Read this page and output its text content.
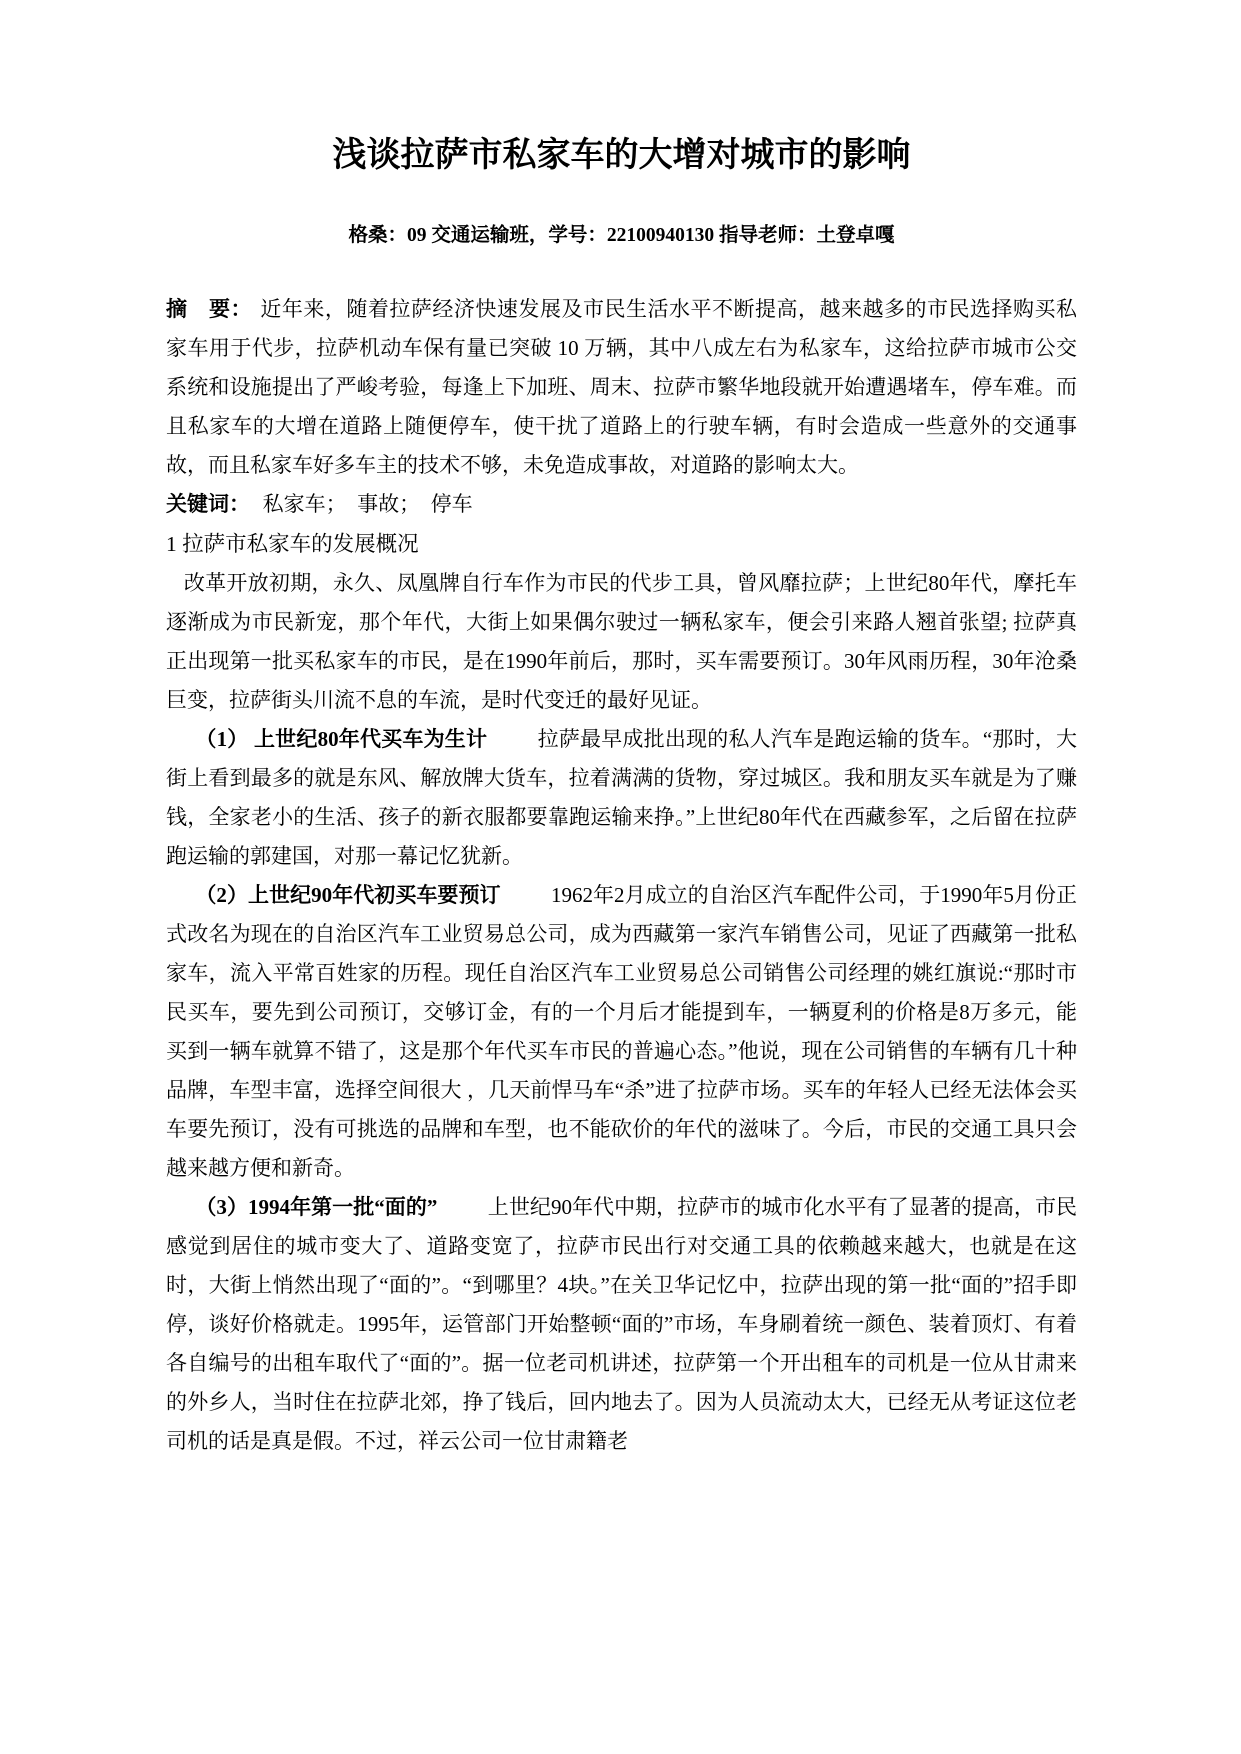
浅谈拉萨市私家车的大增对城市的影响
格桑：09 交通运输班，学号：22100940130 指导老师：土登卓嘎

摘　要： 近年来，随着拉萨经济快速发展及市民生活水平不断提高，越来越多的市民选择购买私家车用于代步，拉萨机动车保有量已突破 10 万辆，其中八成左右为私家车，这给拉萨市城市公交系统和设施提出了严峻考验，每逢上下加班、周末、拉萨市繁华地段就开始遭遇堵车，停车难。而且私家车的大增在道路上随便停车，使干扰了道路上的行驶车辆，有时会造成一些意外的交通事故，而且私家车好多车主的技术不够，未免造成事故，对道路的影响太大。

关键词： 私家车；　事故；　停车

1 拉萨市私家车的发展概况

改革开放初期，永久、凤凰牌自行车作为市民的代步工具，曾风靡拉萨；上世纪80年代，摩托车逐渐成为市民新宠，那个年代，大街上如果偶尔驶过一辆私家车，便会引来路人翘首张望; 拉萨真正出现第一批买私家车的市民，是在1990年前后，那时，买车需要预订。30年风雨历程，30年沧桑巨变，拉萨街头川流不息的车流，是时代变迁的最好见证。

（1） 上世纪80年代买车为生计 拉萨最早成批出现的私人汽车是跑运输的货车。“那时，大街上看到最多的就是东风、解放牌大货车，拉着满满的货物，穿过城区。我和朋友买车就是为了赚钱，全家老小的生活、孩子的新衣服都要靠跑运输来挣。”上世纪80年代在西藏参军，之后留在拉萨跑运输的郭建国，对那一幕记忆犹新。

（2）上世纪90年代初买车要预订 1962年2月成立的自治区汽车配件公司，于1990年5月份正式改名为现在的自治区汽车工业贸易总公司，成为西藏第一家汽车销售公司，见证了西藏第一批私家车，流入平常百姓家的历程。现任自治区汽车工业贸易总公司销售公司经理的姚红旗说:“那时市民买车，要先到公司预订，交够订金，有的一个月后才能提到车，一辆夏利的价格是8万多元，能买到一辆车就算不错了，这是那个年代买车市民的普遍心态。”他说，现在公司销售的车辆有几十种品牌，车型丰富，选择空间很大 ，几天前悍马车“杀”进了拉萨市场。买车的年轻人已经无法体会买车要先预订，没有可挑选的品牌和车型，也不能砍价的年代的滋味了。今后，市民的交通工具只会越来越方便和新奇。

（3）1994年第一批“面的” 上世纪90年代中期，拉萨市的城市化水平有了显著的提高，市民感觉到居住的城市变大了、道路变宽了，拉萨市民出行对交通工具的依赖越来越大，也就是在这时，大街上悄然出现了“面的”。“到哪里？4块。”在关卫华记忆中，拉萨出现的第一批“面的”招手即停，谈好价格就走。1995年，运管部门开始整顿“面的”市场，车身刷着统一颜色、装着顶灯、有着各自编号的出租车取代了“面的”。据一位老司机讲述，拉萨第一个开出租车的司机是一位从甘肃来的外乡人，当时住在拉萨北郊，挣了钱后，回内地去了。因为人员流动太大，已经无从考证这位老司机的话是真是假。不过，祥云公司一位甘肃籍老
